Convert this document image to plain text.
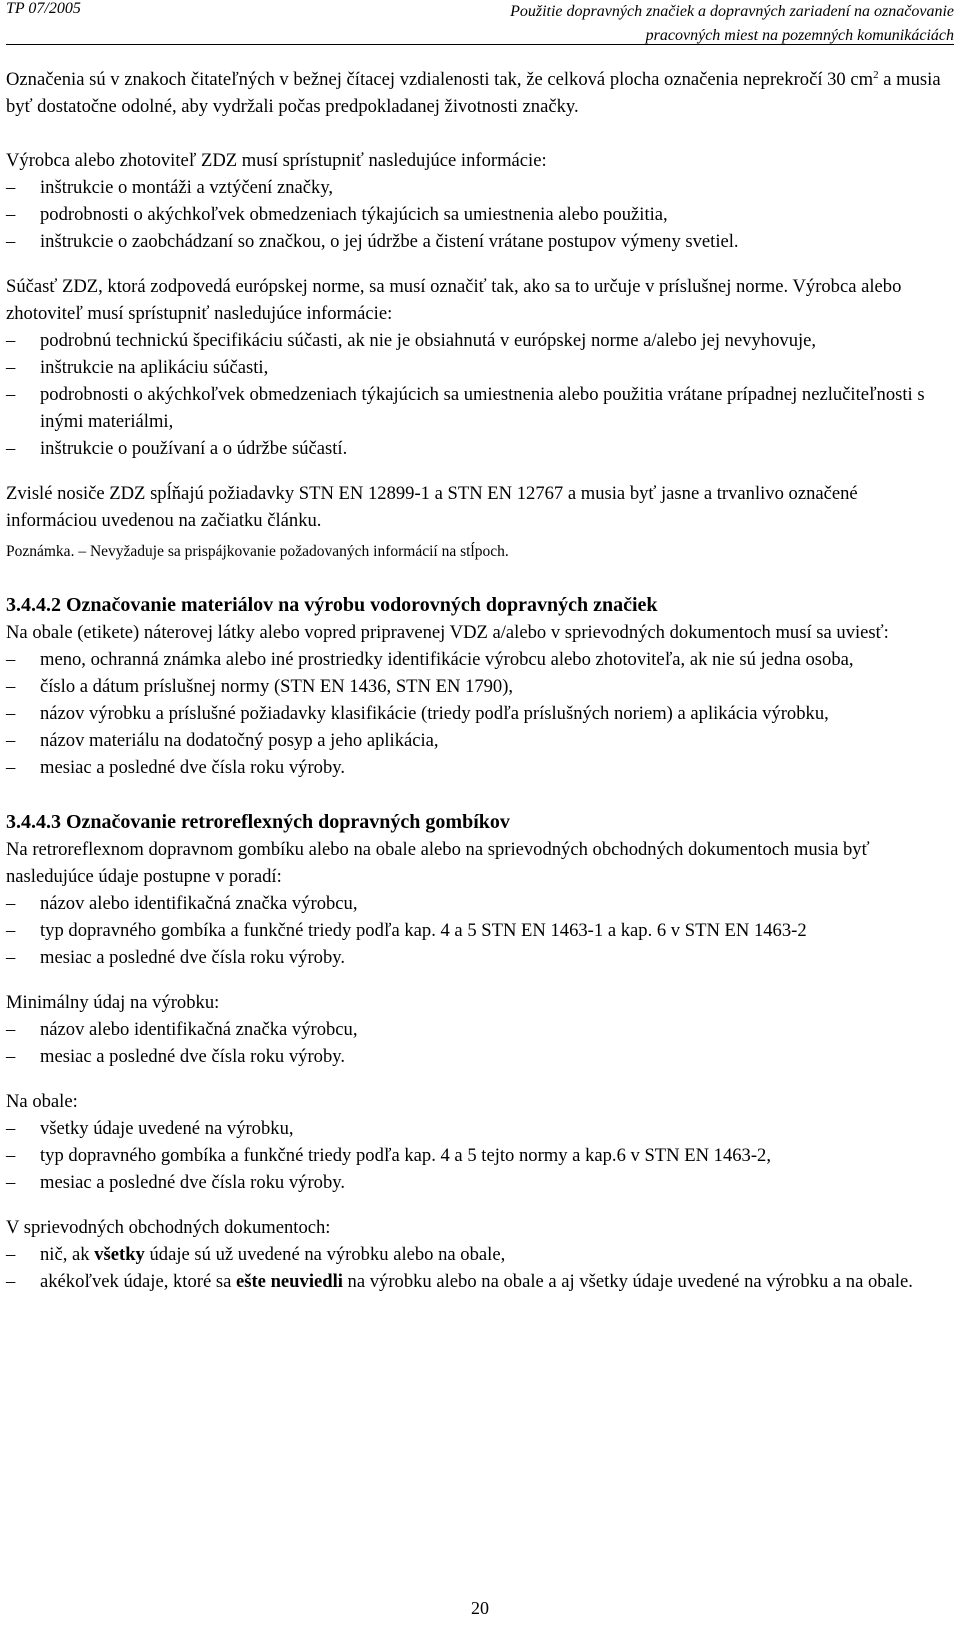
TP 07/2005	Použitie dopravných značiek a dopravných zariadení na označovanie
pracovných miest na pozemných komunikáciách

Označenia sú v znakoch čitateľných v bežnej čítacej vzdialenosti tak, že celková plocha označenia neprekročí 30 $cm^2$ a musia byť dostatočne odolné, aby vydržali počas predpokladanej životnosti značky.

Výrobca alebo zhotoviteľ ZDZ musí sprístupniť nasledujúce informácie:

– inštrukcie o montáži a vztýčení značky,
– podrobnosti o akýchkoľvek obmedzeniach týkajúcich sa umiestnenia alebo použitia,
– inštrukcie o zaobchádzaní so značkou, o jej údržbe a čistení vrátane postupov výmeny svetiel.

Súčasť ZDZ, ktorá zodpovedá európskej norme, sa musí označiť tak, ako sa to určuje v príslušnej norme. Výrobca alebo zhotoviteľ musí sprístupniť nasledujúce informácie:

– podrobnú technickú špecifikáciu súčasti, ak nie je obsiahnutá v európskej norme a/alebo jej nevyhovuje,
– inštrukcie na aplikáciu súčasti,
– podrobnosti o akýchkoľvek obmedzeniach týkajúcich sa umiestnenia alebo použitia vrátane prípadnej nezlučiteľnosti s inými materiálmi,
– inštrukcie o používaní a o údržbe súčastí.

Zvislé nosiče ZDZ spĺňajú požiadavky STN EN 12899-1 a STN EN 12767 a musia byť jasne a trvanlivo označené informáciou uvedenou na začiatku článku.

Poznámka. – Nevyžaduje sa prispájkovanie požadovaných informácií na stĺpoch.

3.4.4.2 Označovanie materiálov na výrobu vodorovných dopravných značiek

Na obale (etikete) náterovej látky alebo vopred pripravenej VDZ a/alebo v sprievodných dokumentoch musí sa uviesť:

– meno, ochranná známka alebo iné prostriedky identifikácie výrobcu alebo zhotoviteľa, ak nie sú jedna osoba,
– číslo a dátum príslušnej normy (STN EN 1436, STN EN 1790),
– názov výrobku a príslušné požiadavky klasifikácie (triedy podľa príslušných noriem) a aplikácia výrobku,
– názov materiálu na dodatočný posyp a jeho aplikácia,
– mesiac a posledné dve čísla roku výroby.
3.4.4.3 Označovanie retroreflexných dopravných gombíkov

Na retroreflexnom dopravnom gombíku alebo na obale alebo na sprievodných obchodných dokumentoch musia byť nasledujúce údaje postupne v poradí:

– názov alebo identifikačná značka výrobcu,
– typ dopravného gombíka a funkčné triedy podľa kap. 4 a 5 STN EN 1463-1 a kap. 6 v STN EN 1463-2
– mesiac a posledné dve čísla roku výroby.

Minimálny údaj na výrobku:

– názov alebo identifikačná značka výrobcu,
– mesiac a posledné dve čísla roku výroby.

Na obale:

– všetky údaje uvedené na výrobku,
– typ dopravného gombíka a funkčné triedy podľa kap. 4 a 5 tejto normy a kap.6 v STN EN 1463-2,
– mesiac a posledné dve čísla roku výroby.

V sprievodných obchodných dokumentoch:

– nič, ak všetky údaje sú už uvedené na výrobku alebo na obale,
– akékoľvek údaje, ktoré sa ešte neuviedli na výrobku alebo na obale a aj všetky údaje uvedené na výrobku a na obale.
20
